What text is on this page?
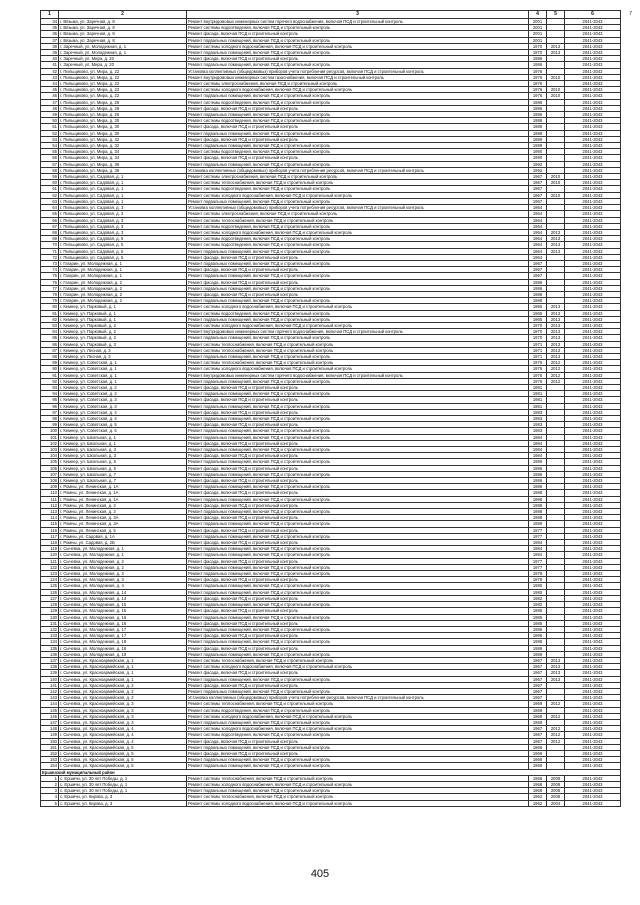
1	2	3	4	5	6
34	г. Вязьма, ул. Заречная, д. 8	Ремонт внутридомовых инженерных систем горячего водоснабжения, включая ПСД и строительный контроль	2001		2041-2043
35	г. Вязьма, ул. Заречная, д. 8	Ремонт системы водоотведения, включая ПСД и строительный контроль	2001		2041-2043
36	г. Вязьма, ул. Заречная, д. 8	Ремонт фасада, включая ПСД и строительный контроль	2001		2041-2043
37	г. Вязьма, ул. Заречная, д. 8	Ремонт подвальных помещений, включая ПСД и строительный контроль	2001		2041-2043
38	г. Заречный, ул. Молодежная, д. 1	Ремонт системы холодного водоснабжения, включая ПСД и строительный контроль	1970	2013	2041-2043
39	г. Заречный, ул. Молодежная, д. 1	Ремонт подвальных помещений, включая ПСД и строительный контроль	1970	2013	2041-2043
40	г. Заречный, ул. Мира, д. 20	Ремонт фасада, включая ПСД и строительный контроль	1986		2041-2043
41	г. Заречный, ул. Мира, д. 20	Ремонт подвальных помещений, включая ПСД и строительный контроль	1986		2041-2043
42	г. Пильщиково, ул. Мира, д. 22	Установка коллективных (общедомовых) приборов учета потребления ресурсов, включая ПСД и строительный контроль	1976		2041-2043
43	г. Пильщиково, ул. Мира, д. 22	Ремонт внутридомовых инженерных систем газоснабжения, включая ПСД и строительный контроль	1976	2010	2041-2043
44	г. Пильщиково, ул. Мира, д. 22	Ремонт системы электроснабжения, включая ПСД и строительный контроль	1976		2041-2043
45	г. Пильщиково, ул. Мира, д. 22	Ремонт системы холодного водоснабжения, включая ПСД и строительный контроль	1976	2010	2041-2043
46	г. Пильщиково, ул. Мира, д. 22	Ремонт подвальных помещений, включая ПСД и строительный контроль	1976	2010	2041-2043
47	г. Пильщиково, ул. Мира, д. 26	Ремонт системы водоотведения, включая ПСД и строительный контроль	1986		2041-2043
48	г. Пильщиково, ул. Мира, д. 26	Ремонт фасада, включая ПСД и строительный контроль	1986		2041-2043
49	г. Пильщиково, ул. Мира, д. 26	Ремонт подвальных помещений, включая ПСД и строительный контроль	1986		2041-2043
50	г. Пильщиково, ул. Мира, д. 30	Ремонт системы водоотведения, включая ПСД и строительный контроль	1988		2041-2043
51	г. Пильщиково, ул. Мира, д. 30	Ремонт фасада, включая ПСД и строительный контроль	1988		2041-2043
52	г. Пильщиково, ул. Мира, д. 30	Ремонт подвальных помещений, включая ПСД и строительный контроль	1988		2041-2043
53	г. Пильщиково, ул. Мира, д. 32	Ремонт фасада, включая ПСД и строительный контроль	1989		2041-2043
54	г. Пильщиково, ул. Мира, д. 32	Ремонт подвальных помещений, включая ПСД и строительный контроль	1989		2041-2043
55	г. Пильщиково, ул. Мира, д. 34	Ремонт системы водоотведения, включая ПСД и строительный контроль	1990		2041-2043
56	г. Пильщиково, ул. Мира, д. 34	Ремонт фасада, включая ПСД и строительный контроль	1990		2041-2043
57	г. Пильщиково, ул. Мира, д. 36	Ремонт подвальных помещений, включая ПСД и строительный контроль	1992		2041-2043
58	г. Пильщиково, ул. Мира, д. 36	Установка коллективных (общедомовых) приборов учета потребления ресурсов, включая ПСД и строительный контроль	1992		2041-2043
59	г. Пильщиково, ул. Садовая, д. 1	Ремонт системы электроснабжения, включая ПСД и строительный контроль	1967	2010	2041-2043
60	г. Пильщиково, ул. Садовая, д. 1	Ремонт системы теплоснабжения, включая ПСД и строительный контроль	1967	2010	2041-2043
61	г. Пильщиково, ул. Садовая, д. 1	Ремонт системы водоотведения, включая ПСД и строительный контроль	1967		2041-2043
62	г. Пильщиково, ул. Садовая, д. 1	Ремонт системы холодного водоснабжения, включая ПСД и строительный контроль	1967	2010	2041-2043
63	г. Пильщиково, ул. Садовая, д. 1	Ремонт подвальных помещений, включая ПСД и строительный контроль	1967		2041-2043
64	г. Пильщиково, ул. Садовая, д. 3	Установка коллективных (общедомовых) приборов учета потребления ресурсов, включая ПСД и строительный контроль	1964		2041-2043
65	г. Пильщиково, ул. Садовая, д. 3	Ремонт системы электроснабжения, включая ПСД и строительный контроль	1964		2041-2043
66	г. Пильщиково, ул. Садовая, д. 3	Ремонт системы теплоснабжения, включая ПСД и строительный контроль	1964		2041-2043
67	г. Пильщиково, ул. Садовая, д. 3	Ремонт системы водоотведения, включая ПСД и строительный контроль	1964		2041-2043
68	г. Пильщиково, ул. Садовая, д. 3	Ремонт системы холодного водоснабжения, включая ПСД и строительный контроль	1964	2013	2041-2043
69	г. Пильщиково, ул. Садовая, д. 5	Ремонт системы водоотведения, включая ПСД и строительный контроль	1964	2013	2041-2043
70	г. Пильщиково, ул. Садовая, д. 5	Ремонт системы водоотведения, включая ПСД и строительный контроль	1964	2013	2041-2043
71	г. Пильщиково, ул. Садовая, д. 5	Ремонт подвальных помещений, включая ПСД и строительный контроль	1964	2013	2041-2043
72	г. Пильщиково, ул. Садовая, д. 5	Ремонт фасада, включая ПСД и строительный контроль	1964		2041-2043
73	г. Гагарин, ул. Молодежная, д. 1	Ремонт подвальных помещений, включая ПСД и строительный контроль	1967		2041-2043
74	г. Гагарин, ул. Молодежная, д. 1	Ремонт фасада, включая ПСД и строительный контроль	1967		2041-2043
75	г. Гагарин, ул. Молодежная, д. 1	Ремонт подвальных помещений, включая ПСД и строительный контроль	1967		2041-2043
76	г. Гагарин, ул. Молодежная, д. 2	Ремонт фасада, включая ПСД и строительный контроль	1986		2041-2043
77	г. Гагарин, ул. Молодежная, д. 2	Ремонт подвальных помещений, включая ПСД и строительный контроль	1986		2041-2043
78	г. Гагарин, ул. Молодежная, д. 2	Ремонт фасада, включая ПСД и строительный контроль	1988		2041-2043
79	г. Гагарин, ул. Молодежная, д. 2	Ремонт подвальных помещений, включая ПСД и строительный контроль	1988		2041-2043
80	г. Кемнер, ул. Парковый, д. 1	Ремонт системы холодного водоснабжения, включая ПСД и строительный контроль	1965	2013	2041-2043
81	г. Кемнер, ул. Парковый, д. 1	Ремонт системы водоотведения, включая ПСД и строительный контроль	1965	2013	2041-2043
82	г. Кемнер, ул. Парковый, д. 1	Ремонт подвальных помещений, включая ПСД и строительный контроль	1965	2013	2041-2043
83	г. Кемнер, ул. Парковый, д. 2	Ремонт системы холодного водоснабжения, включая ПСД и строительный контроль	1970	2013	2041-2043
84	г. Кемнер, ул. Парковый, д. 2	Ремонт внутридомовых инженерных систем горячего водоснабжения, включая ПСД и строительный контроль	1970	2013	2041-2043
85	г. Кемнер, ул. Парковый, д. 2	Ремонт подвальных помещений, включая ПСД и строительный контроль	1970	2013	2041-2043
86	г. Кемнер, ул. Парковый, д. 3	Ремонт системы теплоснабжения, включая ПСД и строительный контроль	1971	2013	2041-2043
87	г. Кемнер, ул. Лесная, д. 3	Ремонт системы теплоснабжения, включая ПСД и строительный контроль	1971	2013	2041-2043
88	г. Кемнер, ул. Лесная, д. 3	Ремонт подвальных помещений, включая ПСД и строительный контроль	1971	2013	2041-2043
89	г. Кемнер, ул. Советская, д. 1	Ремонт системы теплоснабжения, включая ПСД и строительный контроль	1976	2012	2041-2043
90	г. Кемнер, ул. Советская, д. 1	Ремонт системы холодного водоснабжения, включая ПСД и строительный контроль	1976	2012	2041-2043
91	г. Кемнер, ул. Советская, д. 1	Ремонт внутридомовых инженерных систем горячего водоснабжения, включая ПСД и строительный контроль	1976	2012	2041-2043
92	г. Кемнер, ул. Советская, д. 1	Ремонт подвальных помещений, включая ПСД и строительный контроль	1976	2012	2041-2043
93	г. Кемнер, ул. Советская, д. 2	Ремонт фасада, включая ПСД и строительный контроль	1981		2041-2043
94	г. Кемнер, ул. Советская, д. 2	Ремонт подвальных помещений, включая ПСД и строительный контроль	1981		2041-2043
95	г. Кемнер, ул. Советская, д. 3	Ремонт фасада, включая ПСД и строительный контроль	1981		2041-2043
96	г. Кемнер, ул. Советская, д. 3	Ремонт подвальных помещений, включая ПСД и строительный контроль	1981		2041-2043
97	г. Кемнер, ул. Советская, д. 4	Ремонт фасада, включая ПСД и строительный контроль	1983		2041-2043
98	г. Кемнер, ул. Советская, д. 4	Ремонт подвальных помещений, включая ПСД и строительный контроль	1983		2041-2043
99	г. Кемнер, ул. Советская, д. 5	Ремонт фасада, включая ПСД и строительный контроль	1983		2041-2043
100	г. Кемнер, ул. Советская, д. 5	Ремонт подвальных помещений, включая ПСД и строительный контроль	1983		2041-2043
101	г. Кемнер, ул. Школьная, д. 1	Ремонт подвальных помещений, включая ПСД и строительный контроль	1984		2041-2043
102	г. Кемнер, ул. Школьная, д. 1	Ремонт фасада, включая ПСД и строительный контроль	1984		2041-2043
103	г. Кемнер, ул. Школьная, д. 3	Ремонт подвальных помещений, включая ПСД и строительный контроль	1984		2041-2043
104	г. Кемнер, ул. Школьная, д. 3	Ремонт фасада, включая ПСД и строительный контроль	1984		2041-2043
105	г. Кемнер, ул. Школьная, д. 5	Ремонт подвальных помещений, включая ПСД и строительный контроль	1986		2041-2043
106	г. Кемнер, ул. Школьная, д. 5	Ремонт фасада, включая ПСД и строительный контроль	1986		2041-2043
107	г. Кемнер, ул. Школьная, д. 7	Ремонт подвальных помещений, включая ПСД и строительный контроль	1986		2041-2043
108	г. Кемнер, ул. Школьная, д. 7	Ремонт фасада, включая ПСД и строительный контроль	1986		2041-2043
109	г. Ромны, ул. Ленинская, д. 1А	Ремонт подвальных помещений, включая ПСД и строительный контроль	1988		2041-2043
110	г. Ромны, ул. Ленинская, д. 1А	Ремонт фасада, включая ПСД и строительный контроль	1988		2041-2043
111	г. Ромны, ул. Ленинская, д. 1А	Ремонт подвальных помещений, включая ПСД и строительный контроль	1988		2041-2043
112	г. Ромны, ул. Ленинская, д. 3	Ремонт фасада, включая ПСД и строительный контроль	1988		2041-2043
113	г. Ромны, ул. Ленинская, д. 3	Ремонт подвальных помещений, включая ПСД и строительный контроль	1988		2041-2043
114	г. Ромны, ул. Ленинская, д. 3А	Ремонт фасада, включая ПСД и строительный контроль	1988		2041-2043
115	г. Ромны, ул. Ленинская, д. 3А	Ремонт подвальных помещений, включая ПСД и строительный контроль	1989		2041-2043
116	г. Ромны, ул. Ленинская, д. 5	Ремонт фасада, включая ПСД и строительный контроль	1977		2041-2043
117	г. Ромны, ул. Садовая, д. 1А	Ремонт подвальных помещений, включая ПСД и строительный контроль	1977		2041-2043
118	г. Ромны, ул. Садовая, д. 2Б	Ремонт фасада, включая ПСД и строительный контроль	1984		2041-2043
119	г. Сычевка, ул. Молодежная, д. 1	Ремонт подвальных помещений, включая ПСД и строительный контроль	1984		2041-2043
120	г. Сычевка, ул. Молодежная, д. 1	Ремонт подвальных помещений, включая ПСД и строительный контроль	1984		2041-2043
121	г. Сычевка, ул. Молодежная, д. 2	Ремонт фасада, включая ПСД и строительный контроль	1977		2041-2043
122	г. Сычевка, ул. Молодежная, д. 2	Ремонт подвальных помещений, включая ПСД и строительный контроль	1977		2041-2043
123	г. Сычевка, ул. Молодежная, д. 3	Ремонт подвальных помещений, включая ПСД и строительный контроль	1978		2041-2043
124	г. Сычевка, ул. Молодежная, д. 3	Ремонт фасада, включая ПСД и строительный контроль	1978		2041-2043
125	г. Сычевка, ул. Молодежная, д. 4	Ремонт подвальных помещений, включая ПСД и строительный контроль	1980		2041-2043
126	г. Сычевка, ул. Молодежная, д. 14	Ремонт подвальных помещений, включая ПСД и строительный контроль	1980		2041-2043
127	г. Сычевка, ул. Молодежная, д. 14	Ремонт фасада, включая ПСД и строительный контроль	1982		2041-2043
128	г. Сычевка, ул. Молодежная, д. 15	Ремонт подвальных помещений, включая ПСД и строительный контроль	1982		2041-2043
129	г. Сычевка, ул. Молодежная, д. 15	Ремонт фасада, включая ПСД и строительный контроль	1985		2041-2043
130	г. Сычевка, ул. Молодежная, д. 16	Ремонт подвальных помещений, включая ПСД и строительный контроль	1985		2041-2043
131	г. Сычевка, ул. Молодежная, д. 16	Ремонт фасада, включая ПСД и строительный контроль	1985		2041-2043
132	г. Сычевка, ул. Молодежная, д. 17	Ремонт подвальных помещений, включая ПСД и строительный контроль	1986		2041-2043
133	г. Сычевка, ул. Молодежная, д. 17	Ремонт фасада, включая ПСД и строительный контроль	1986		2041-2043
134	г. Сычевка, ул. Молодежная, д. 18	Ремонт подвальных помещений, включая ПСД и строительный контроль	1988		2041-2043
135	г. Сычевка, ул. Молодежная, д. 18	Ремонт фасада, включая ПСД и строительный контроль	1989		2041-2043
136	г. Сычевка, ул. Молодежная, д. 19	Ремонт подвальных помещений, включая ПСД и строительный контроль	1989		2041-2043
137	г. Сычевка, ул. Красноармейская, д. 1	Ремонт системы теплоснабжения, включая ПСД и строительный контроль	1967	2013	2041-2043
138	г. Сычевка, ул. Красноармейская, д. 1	Ремонт системы холодного водоснабжения, включая ПСД и строительный контроль	1967	2013	2041-2043
139	г. Сычевка, ул. Красноармейская, д. 1	Ремонт фасада, включая ПСД и строительный контроль	1967	2013	2041-2043
140	г. Сычевка, ул. Красноармейская, д. 1	Ремонт подвальных помещений, включая ПСД и строительный контроль	1967	2013	2041-2043
141	г. Сычевка, ул. Красноармейская, д. 2	Ремонт фасада, включая ПСД и строительный контроль	1967		2041-2043
142	г. Сычевка, ул. Красноармейская, д. 2	Ремонт подвальных помещений, включая ПСД и строительный контроль	1967		2041-2043
143	г. Сычевка, ул. Красноармейская, д. 2	Установка коллективных (общедомовых) приборов учета потребления ресурсов, включая ПСД и строительный контроль	1967		2041-2043
144	г. Сычевка, ул. Красноармейская, д. 3	Ремонт системы теплоснабжения, включая ПСД и строительный контроль	1969	2012	2041-2043
145	г. Сычевка, ул. Красноармейская, д. 3	Ремонт системы водоотведения, включая ПСД и строительный контроль	1969		2041-2043
146	г. Сычевка, ул. Красноармейская, д. 3	Ремонт системы холодного водоснабжения, включая ПСД и строительный контроль	1969	2012	2041-2043
147	г. Сычевка, ул. Красноармейская, д. 3	Ремонт подвальных помещений, включая ПСД и строительный контроль	1969		2041-2043
148	г. Сычевка, ул. Красноармейская, д. 4	Ремонт системы холодного водоснабжения, включая ПСД и строительный контроль	1967	2012	2041-2043
149	г. Сычевка, ул. Красноармейская, д. 4	Ремонт системы водоотведения, включая ПСД и строительный контроль	1967	2012	2041-2043
150	г. Сычевка, ул. Красноармейская, д. 4	Ремонт фасада, включая ПСД и строительный контроль	1967	2012	2041-2043
151	г. Сычевка, ул. Красноармейская, д. 5	Ремонт подвальных помещений, включая ПСД и строительный контроль	1966		2041-2043
152	г. Сычевка, ул. Красноармейская, д. 5	Ремонт фасада, включая ПСД и строительный контроль	1966		2041-2043
153	г. Сычевка, ул. Красноармейская, д. 5	Ремонт подвальных помещений, включая ПСД и строительный контроль	1966		2041-2043
154	г. Сычевка, ул. Красноармейская, д. 5	Ремонт подвальных помещений, включая ПСД и строительный контроль	1966		2041-2043
Ершичский муниципальный район					
1	с. Ершичи, ул. 30 лет Победы, д. 1	Ремонт системы теплоснабжения, включая ПСД и строительный контроль	1968	2008	2041-2043
2	с. Ершичи, ул. 30 лет Победы, д. 1	Ремонт системы холодного водоснабжения, включая ПСД и строительный контроль	1968	2008	2041-2043
3	с. Ершичи, ул. 30 лет Победы, д. 1	Ремонт подвальных помещений, включая ПСД и строительный контроль	1968	2008	2041-2043
4	с. Ершичи, ул. Кирова, д. 3	Ремонт системы теплоснабжения, включая ПСД и строительный контроль	1962	2008	2041-2043
5	с. Ершичи, ул. Кирова, д. 3	Ремонт системы холодного водоснабжения, включая ПСД и строительный контроль	1962	2004	2041-2043
7
405
